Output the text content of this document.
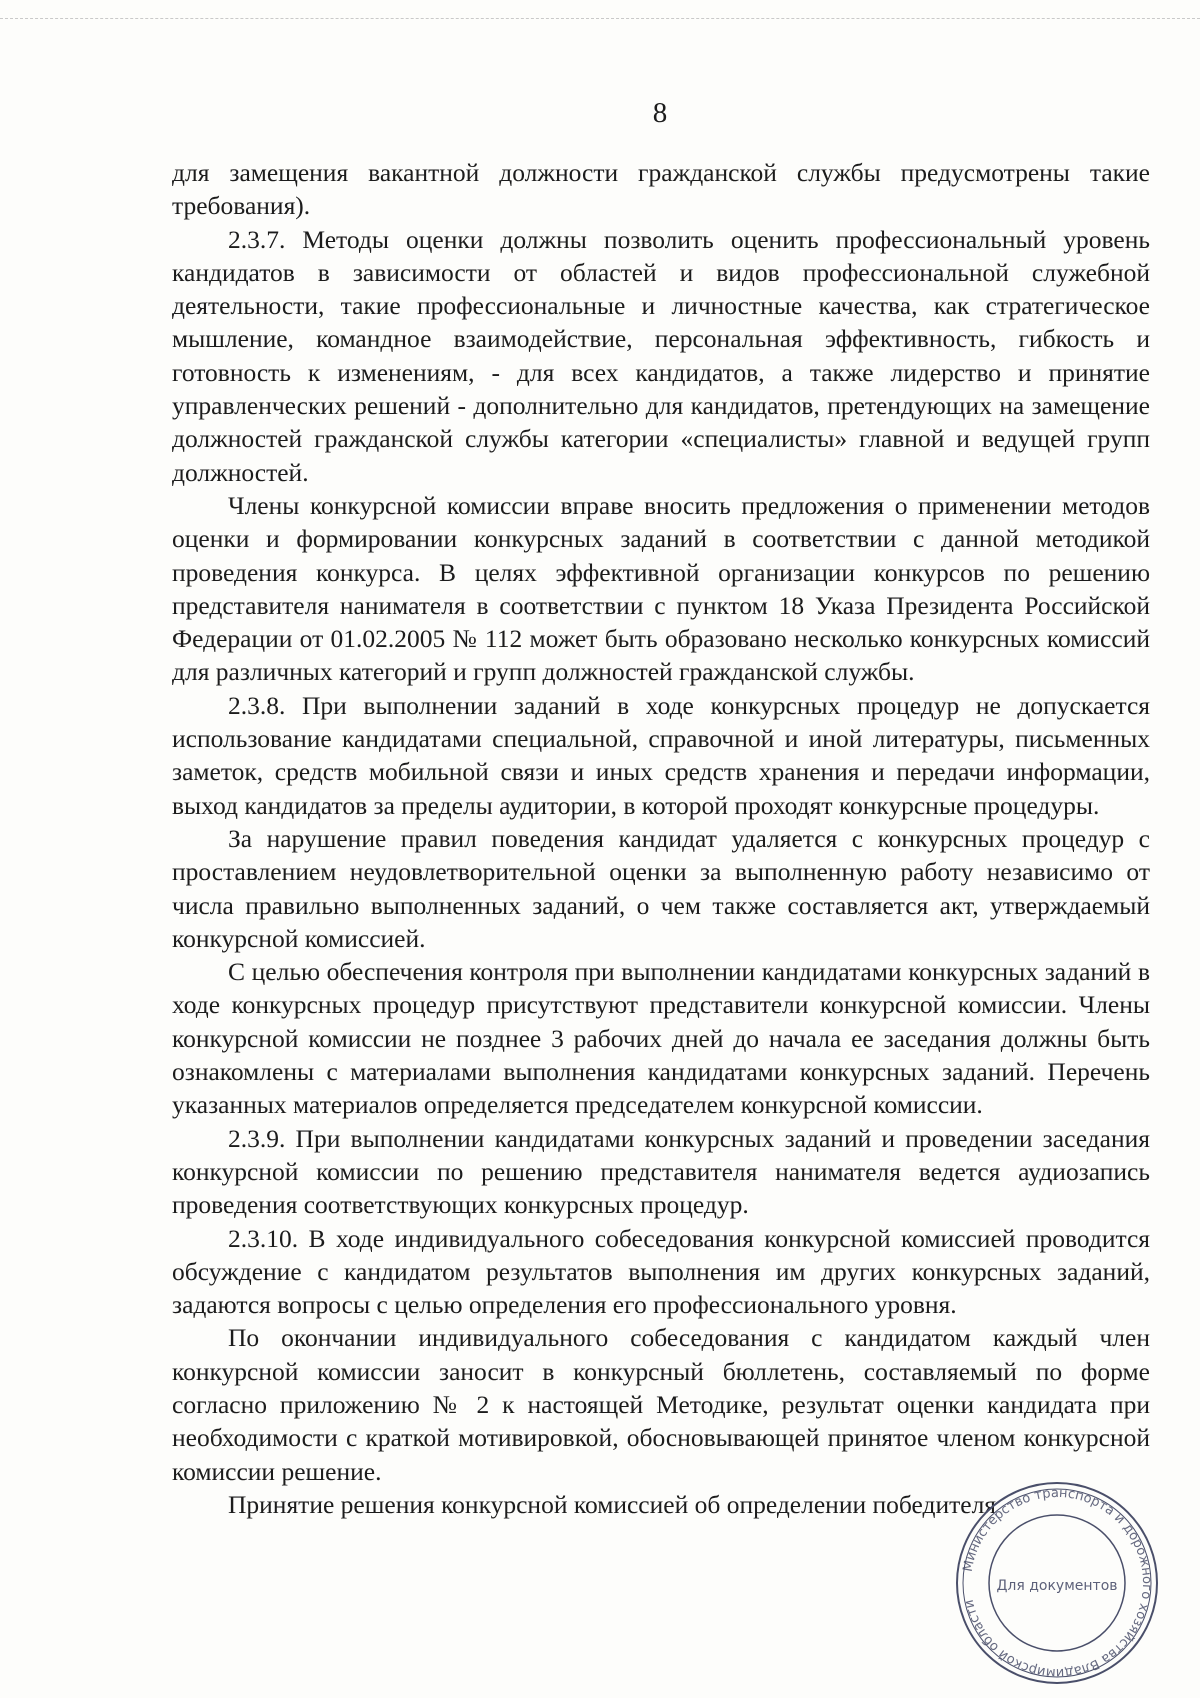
8

для замещения вакантной должности гражданской службы предусмотрены такие требования).

2.3.7. Методы оценки должны позволить оценить профессиональный уровень кандидатов в зависимости от областей и видов профессиональной служебной деятельности, такие профессиональные и личностные качества, как стратегическое мышление, командное взаимодействие, персональная эффективность, гибкость и готовность к изменениям, - для всех кандидатов, а также лидерство и принятие управленческих решений - дополнительно для кандидатов, претендующих на замещение должностей гражданской службы категории «специалисты» главной и ведущей групп должностей.

Члены конкурсной комиссии вправе вносить предложения о применении методов оценки и формировании конкурсных заданий в соответствии с данной методикой проведения конкурса. В целях эффективной организации конкурсов по решению представителя нанимателя в соответствии с пунктом 18 Указа Президента Российской Федерации от 01.02.2005 № 112 может быть образовано несколько конкурсных комиссий для различных категорий и групп должностей гражданской службы.

2.3.8. При выполнении заданий в ходе конкурсных процедур не допускается использование кандидатами специальной, справочной и иной литературы, письменных заметок, средств мобильной связи и иных средств хранения и передачи информации, выход кандидатов за пределы аудитории, в которой проходят конкурсные процедуры.

За нарушение правил поведения кандидат удаляется с конкурсных процедур с проставлением неудовлетворительной оценки за выполненную работу независимо от числа правильно выполненных заданий, о чем также составляется акт, утверждаемый конкурсной комиссией.

С целью обеспечения контроля при выполнении кандидатами конкурсных заданий в ходе конкурсных процедур присутствуют представители конкурсной комиссии. Члены конкурсной комиссии не позднее 3 рабочих дней до начала ее заседания должны быть ознакомлены с материалами выполнения кандидатами конкурсных заданий. Перечень указанных материалов определяется председателем конкурсной комиссии.

2.3.9. При выполнении кандидатами конкурсных заданий и проведении заседания конкурсной комиссии по решению представителя нанимателя ведется аудиозапись проведения соответствующих конкурсных процедур.

2.3.10. В ходе индивидуального собеседования конкурсной комиссией проводится обсуждение с кандидатом результатов выполнения им других конкурсных заданий, задаются вопросы с целью определения его профессионального уровня.

По окончании индивидуального собеседования с кандидатом каждый член конкурсной комиссии заносит в конкурсный бюллетень, составляемый по форме согласно приложению № 2 к настоящей Методике, результат оценки кандидата при необходимости с краткой мотивировкой, обосновывающей принятое членом конкурсной комиссии решение.

Принятие решения конкурсной комиссией об определении победителя

Министерство транспорта и дорожного хозяйства Владимирской области
Для документов
